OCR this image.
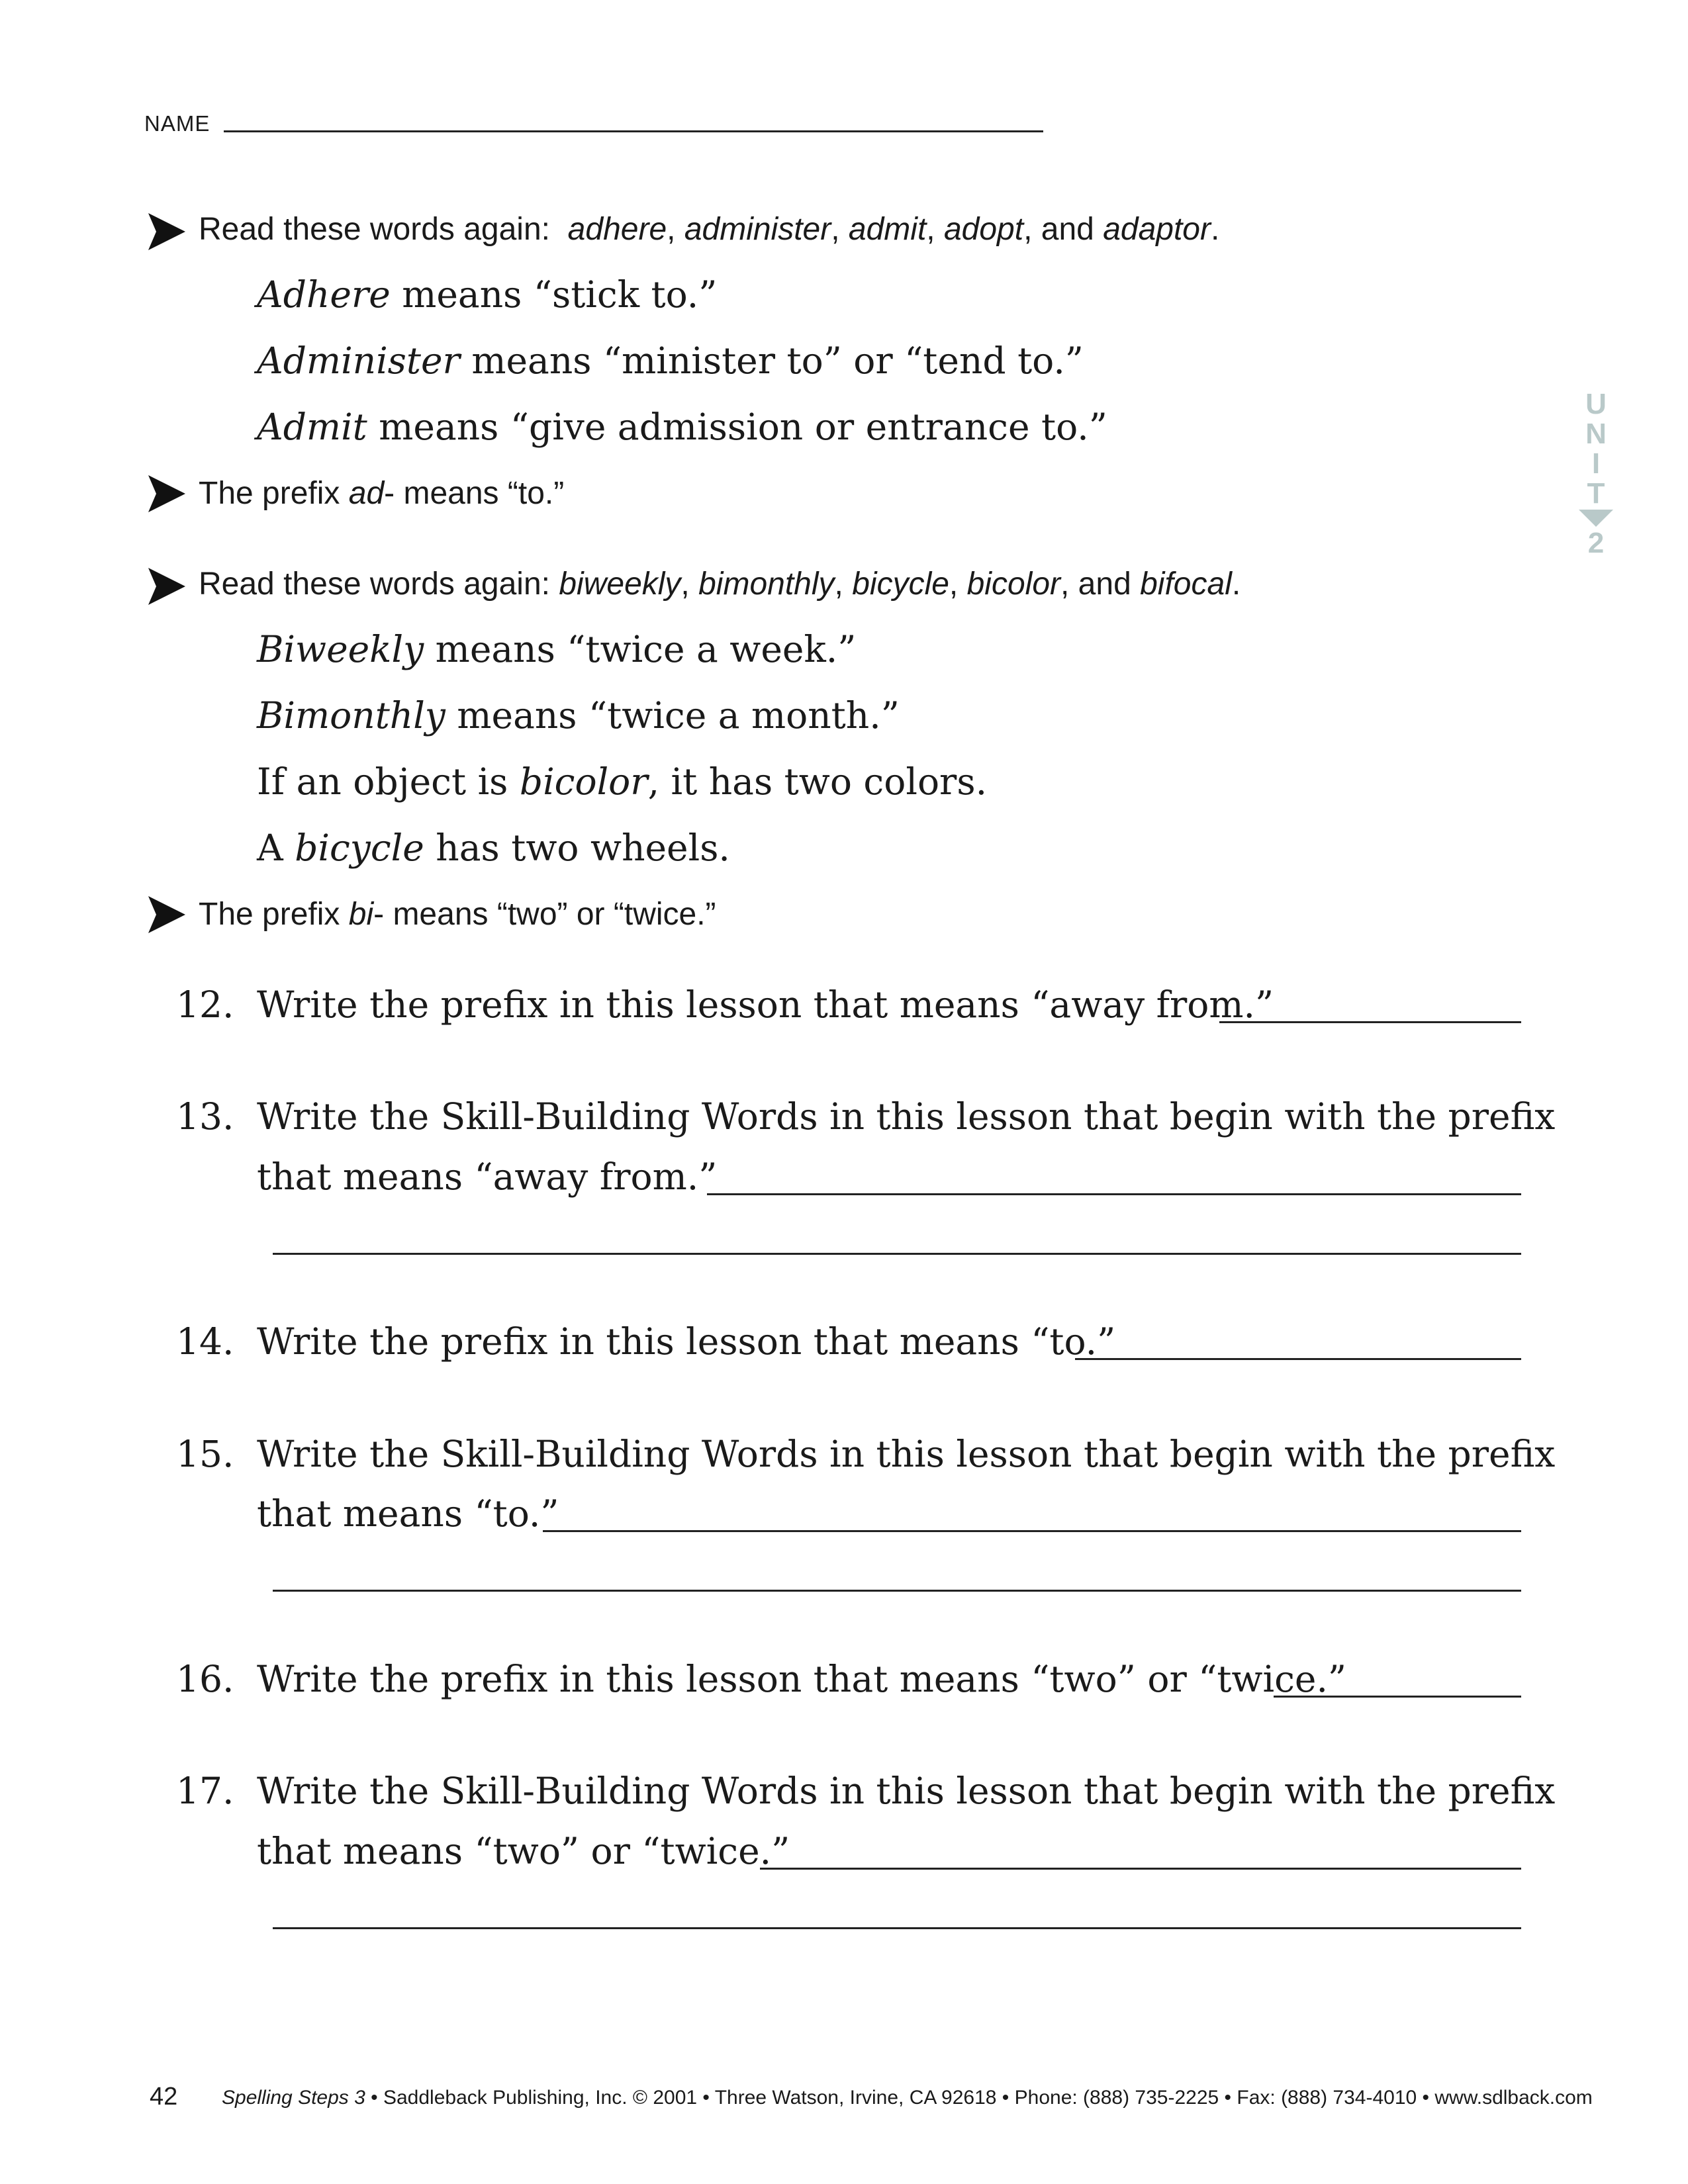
NAME
U
N
I
T
2
Read these words again: adhere, administer, admit, adopt, and adaptor.
Adhere means “stick to.”
Administer means “minister to” or “tend to.”
Admit means “give admission or entrance to.”
The prefix ad- means “to.”
Read these words again: biweekly, bimonthly, bicycle, bicolor, and bifocal.
Biweekly means “twice a week.”
Bimonthly means “twice a month.”
If an object is bicolor, it has two colors.
A bicycle has two wheels.
The prefix bi- means “two” or “twice.”
12. Write the prefix in this lesson that means “away from.”
13. Write the Skill-Building Words in this lesson that begin with the prefix
that means “away from.”
14. Write the prefix in this lesson that means “to.”
15. Write the Skill-Building Words in this lesson that begin with the prefix
that means “to.”
16. Write the prefix in this lesson that means “two” or “twice.”
17. Write the Skill-Building Words in this lesson that begin with the prefix
that means “two” or “twice.”
42 Spelling Steps 3 • Saddleback Publishing, Inc. © 2001 • Three Watson, Irvine, CA 92618 • Phone: (888) 735-2225 • Fax: (888) 734-4010 • www.sdlback.com
